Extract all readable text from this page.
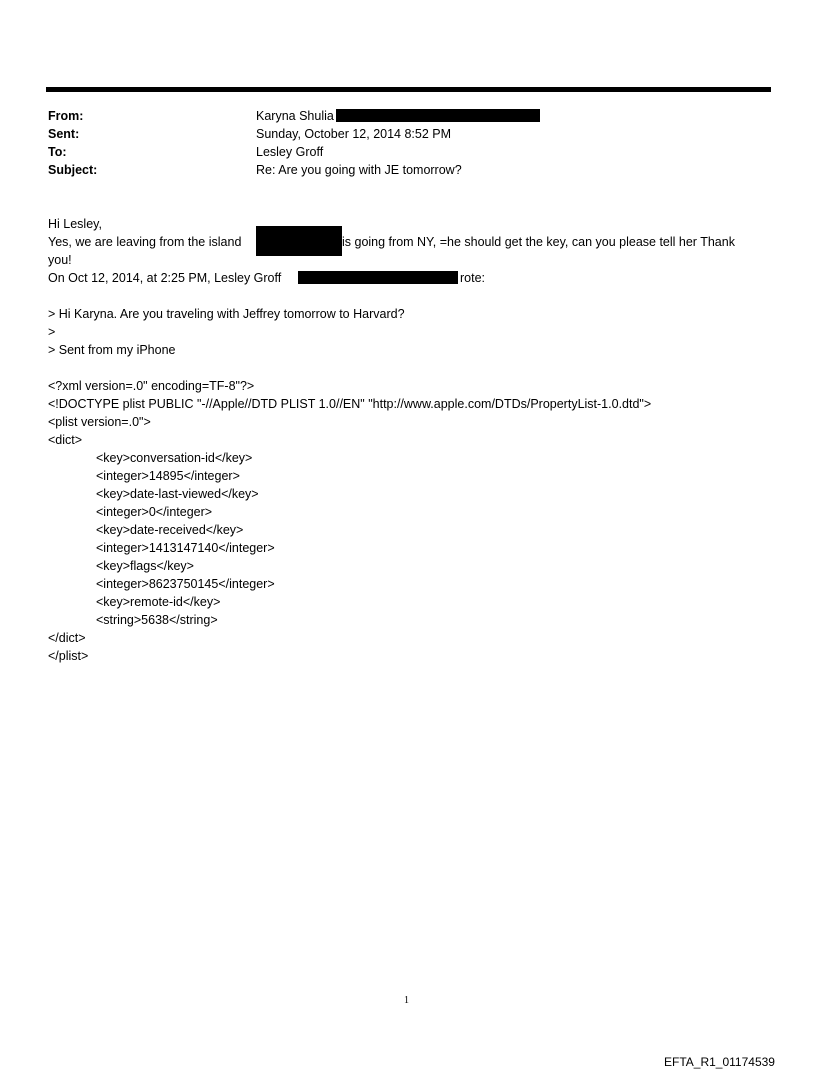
From:	Karyna Shulia
Sent:	Sunday, October 12, 2014 8:52 PM
To:	Lesley Groff
Subject:	Re: Are you going with JE tomorrow?
Hi Lesley,
Yes, we are leaving from the island	is going from NY, =he should get the key, can you please tell her Thank
you!
On Oct 12, 2014, at 2:25 PM, Lesley Groff	rote:
> Hi Karyna. Are you traveling with Jeffrey tomorrow to Harvard?
>
> Sent from my iPhone
<?xml version=.0" encoding=TF-8"?>
<!DOCTYPE plist PUBLIC "-//Apple//DTD PLIST 1.0//EN" "http://www.apple.com/DTDs/PropertyList-1.0.dtd">
<plist version=.0">
<dict>
<key>conversation-id</key>
<integer>14895</integer>
<key>date-last-viewed</key>
<integer>0</integer>
<key>date-received</key>
<integer>1413147140</integer>
<key>flags</key>
<integer>8623750145</integer>
<key>remote-id</key>
<string>5638</string>
</dict>
</plist>
1
EFTA_R1_01174539
